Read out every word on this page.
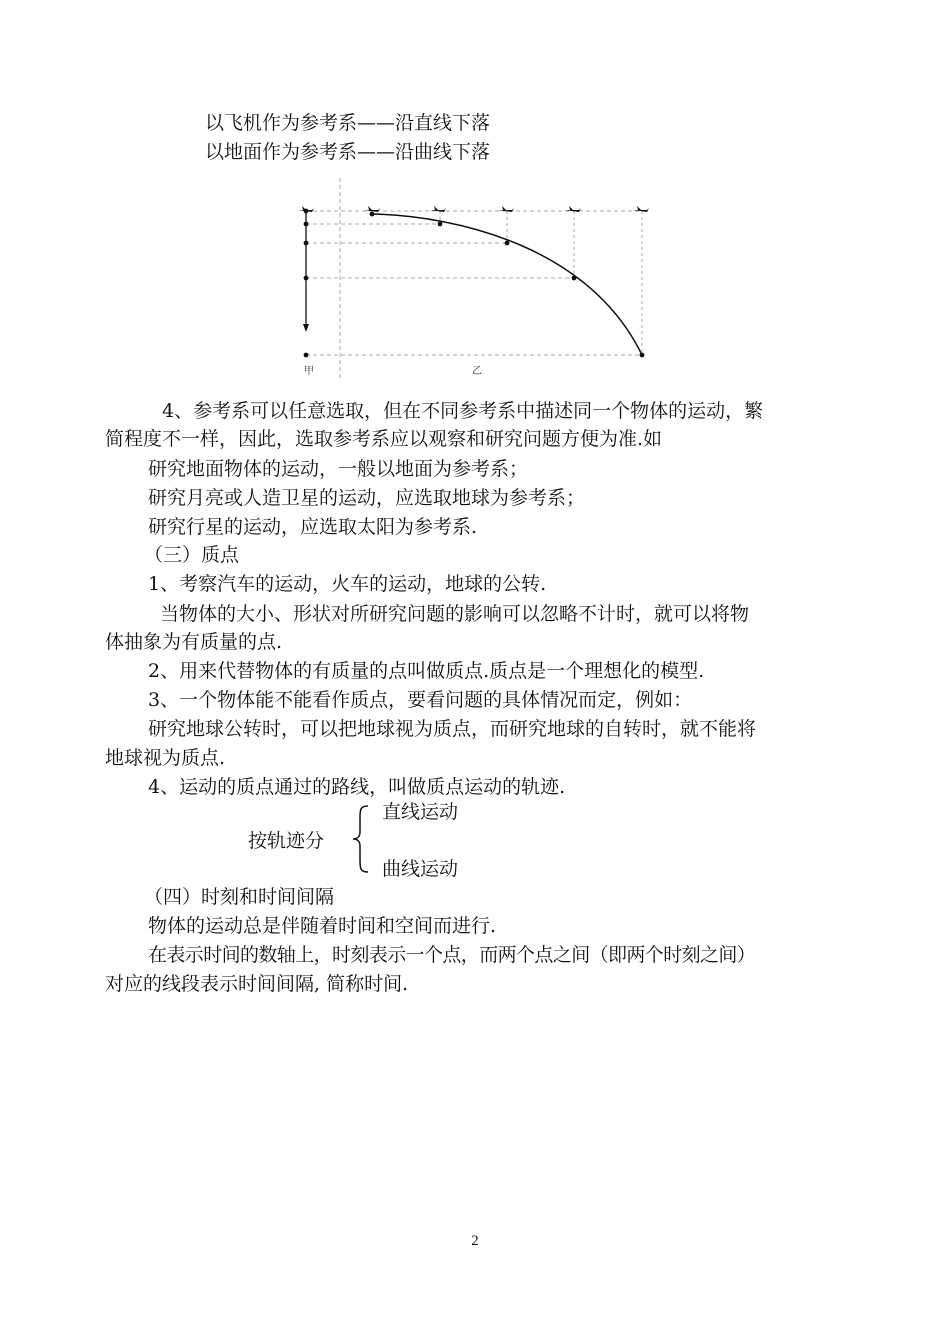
以飞机作为参考系——沿直线下落
以地面作为参考系——沿曲线下落
甲	乙
4、参考系可以任意选取，但在不同参考系中描述同一个物体的运动，繁
简程度不一样，因此，选取参考系应以观察和研究问题方便为准.如
研究地面物体的运动，一般以地面为参考系；
研究月亮或人造卫星的运动，应选取地球为参考系；
研究行星的运动，应选取太阳为参考系.
（三）质点
1、考察汽车的运动，火车的运动，地球的公转.
当物体的大小、形状对所研究问题的影响可以忽略不计时，就可以将物
体抽象为有质量的点.
2、用来代替物体的有质量的点叫做质点.质点是一个理想化的模型.
3、一个物体能不能看作质点，要看问题的具体情况而定，例如：
研究地球公转时，可以把地球视为质点，而研究地球的自转时，就不能将
地球视为质点.
4、运动的质点通过的路线，叫做质点运动的轨迹.
按轨迹分
直线运动
曲线运动
（四）时刻和时间间隔
物体的运动总是伴随着时间和空间而进行.
在表示时间的数轴上，时刻表示一个点，而两个点之间（即两个时刻之间）
对应的线段表示时间间隔, 简称时间.
2
